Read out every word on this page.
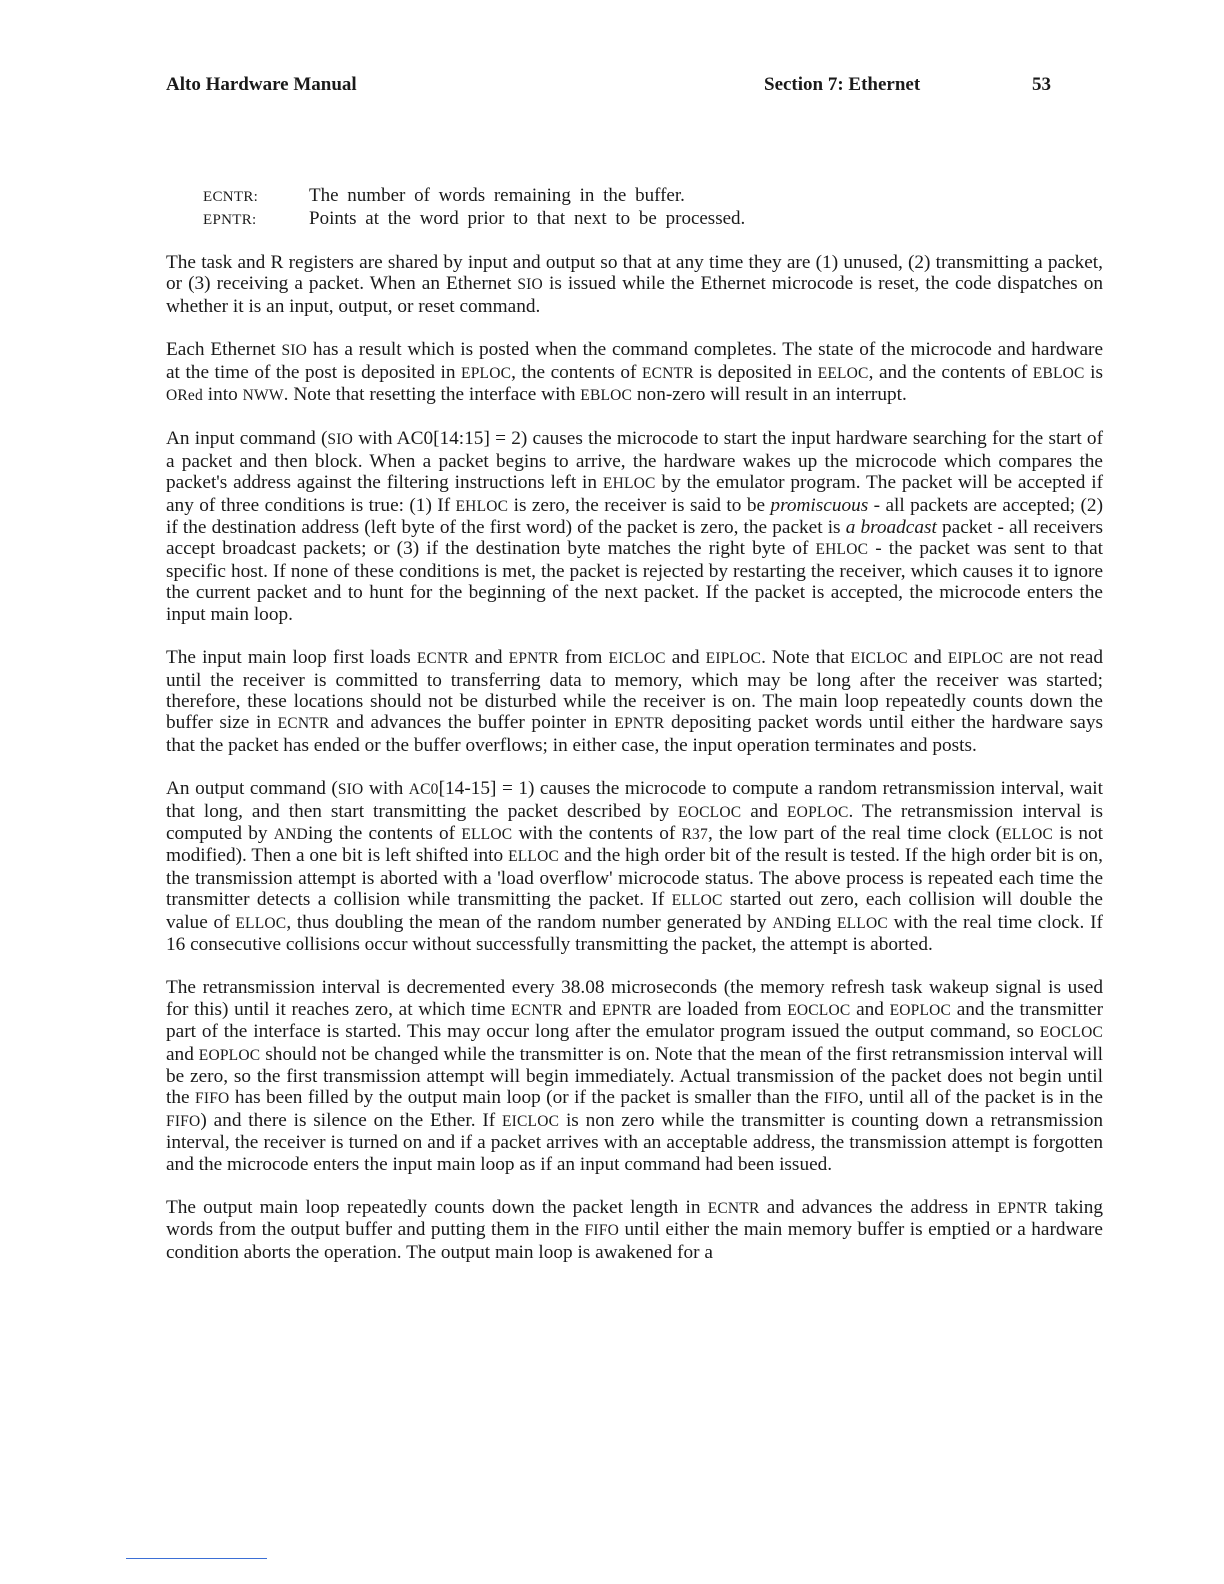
Alto Hardware Manual	Section 7: Ethernet	53
ECNTR:	The number of words remaining in the buffer.
EPNTR:	Points at the word prior to that next to be processed.

The task and R registers are shared by input and output so that at any time they are (1) unused, (2) transmitting a packet, or (3) receiving a packet. When an Ethernet SIO is issued while the Ethernet microcode is reset, the code dispatches on whether it is an input, output, or reset command.

Each Ethernet SIO has a result which is posted when the command completes. The state of the microcode and hardware at the time of the post is deposited in EPLOC, the contents of ECNTR is deposited in EELOC, and the contents of EBLOC is ORed into NWW. Note that resetting the interface with EBLOC non-zero will result in an interrupt.

An input command (SIO with AC0[14:15] = 2) causes the microcode to start the input hardware searching for the start of a packet and then block. When a packet begins to arrive, the hardware wakes up the microcode which compares the packet's address against the filtering instructions left in EHLOC by the emulator program. The packet will be accepted if any of three conditions is true: (1) If EHLOC is zero, the receiver is said to be promiscuous - all packets are accepted; (2) if the destination address (left byte of the first word) of the packet is zero, the packet is a broadcast packet - all receivers accept broadcast packets; or (3) if the destination byte matches the right byte of EHLOC - the packet was sent to that specific host. If none of these conditions is met, the packet is rejected by restarting the receiver, which causes it to ignore the current packet and to hunt for the beginning of the next packet. If the packet is accepted, the microcode enters the input main loop.

The input main loop first loads ECNTR and EPNTR from EICLOC and EIPLOC. Note that EICLOC and EIPLOC are not read until the receiver is committed to transferring data to memory, which may be long after the receiver was started; therefore, these locations should not be disturbed while the receiver is on. The main loop repeatedly counts down the buffer size in ECNTR and advances the buffer pointer in EPNTR depositing packet words until either the hardware says that the packet has ended or the buffer overflows; in either case, the input operation terminates and posts.

An output command (SIO with AC0[14-15] = 1) causes the microcode to compute a random retransmission interval, wait that long, and then start transmitting the packet described by EOCLOC and EOPLOC. The retransmission interval is computed by ANDing the contents of ELLOC with the contents of R37, the low part of the real time clock (ELLOC is not modified). Then a one bit is left shifted into ELLOC and the high order bit of the result is tested. If the high order bit is on, the transmission attempt is aborted with a 'load overflow' microcode status. The above process is repeated each time the transmitter detects a collision while transmitting the packet. If ELLOC started out zero, each collision will double the value of ELLOC, thus doubling the mean of the random number generated by ANDing ELLOC with the real time clock. If 16 consecutive collisions occur without successfully transmitting the packet, the attempt is aborted.

The retransmission interval is decremented every 38.08 microseconds (the memory refresh task wakeup signal is used for this) until it reaches zero, at which time ECNTR and EPNTR are loaded from EOCLOC and EOPLOC and the transmitter part of the interface is started. This may occur long after the emulator program issued the output command, so EOCLOC and EOPLOC should not be changed while the transmitter is on. Note that the mean of the first retransmission interval will be zero, so the first transmission attempt will begin immediately. Actual transmission of the packet does not begin until the FIFO has been filled by the output main loop (or if the packet is smaller than the FIFO, until all of the packet is in the FIFO) and there is silence on the Ether. If EICLOC is non zero while the transmitter is counting down a retransmission interval, the receiver is turned on and if a packet arrives with an acceptable address, the transmission attempt is forgotten and the microcode enters the input main loop as if an input command had been issued.

The output main loop repeatedly counts down the packet length in ECNTR and advances the address in EPNTR taking words from the output buffer and putting them in the FIFO until either the main memory buffer is emptied or a hardware condition aborts the operation. The output main loop is awakened for a
